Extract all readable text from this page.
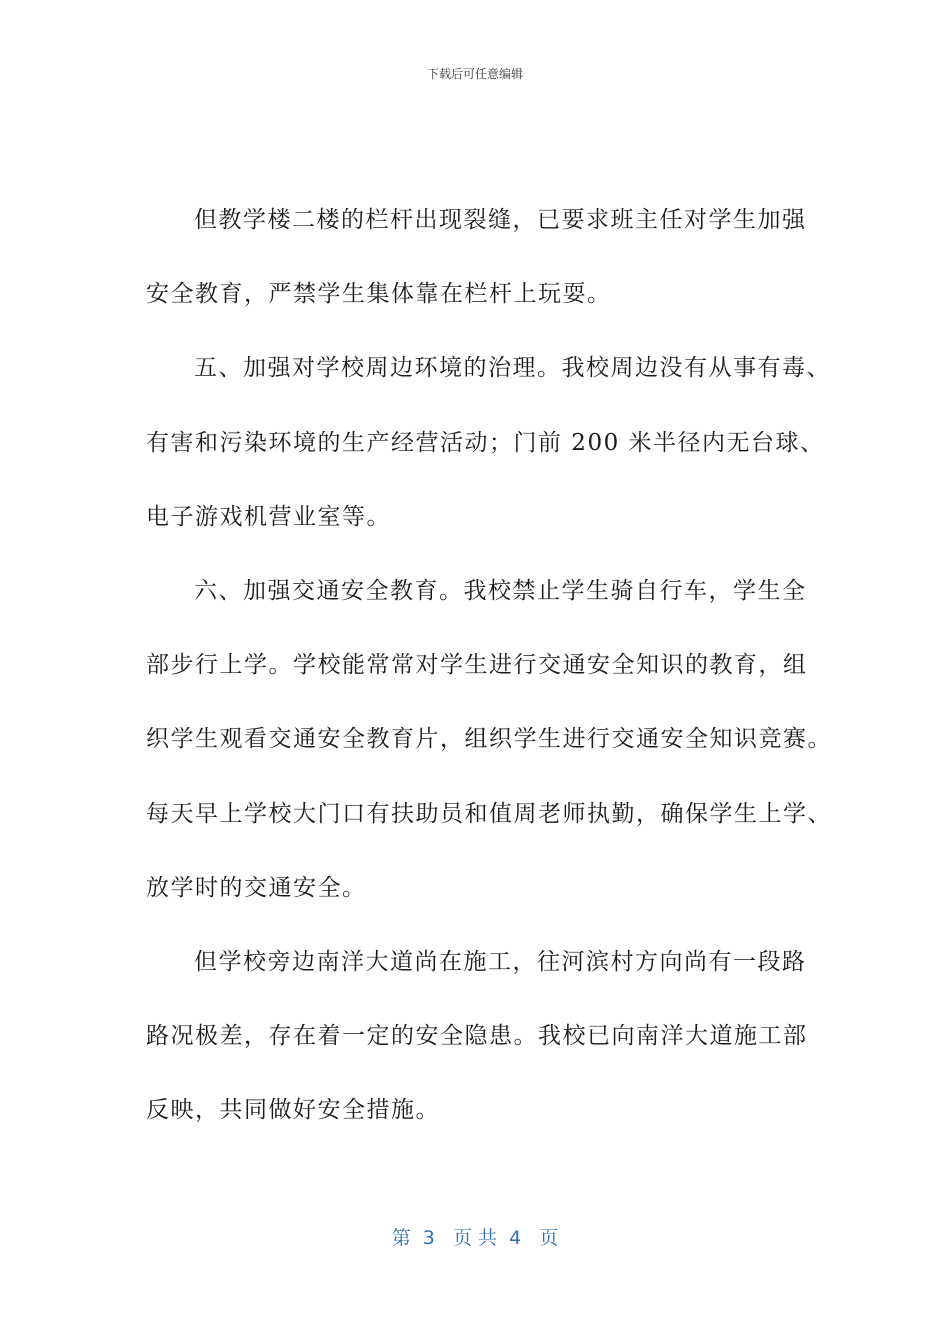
下载后可任意编辑
但教学楼二楼的栏杆出现裂缝，已要求班主任对学生加强
安全教育，严禁学生集体靠在栏杆上玩耍。
五、加强对学校周边环境的治理。我校周边没有从事有毒、
有害和污染环境的生产经营活动；门前 200 米半径内无台球、
电子游戏机营业室等。
六、加强交通安全教育。我校禁止学生骑自行车，学生全
部步行上学。学校能常常对学生进行交通安全知识的教育，组
织学生观看交通安全教育片，组织学生进行交通安全知识竞赛。
每天早上学校大门口有扶助员和值周老师执勤，确保学生上学、
放学时的交通安全。
但学校旁边南洋大道尚在施工，往河滨村方向尚有一段路
路况极差，存在着一定的安全隐患。我校已向南洋大道施工部
反映，共同做好安全措施。
第  3   页 共  4   页
